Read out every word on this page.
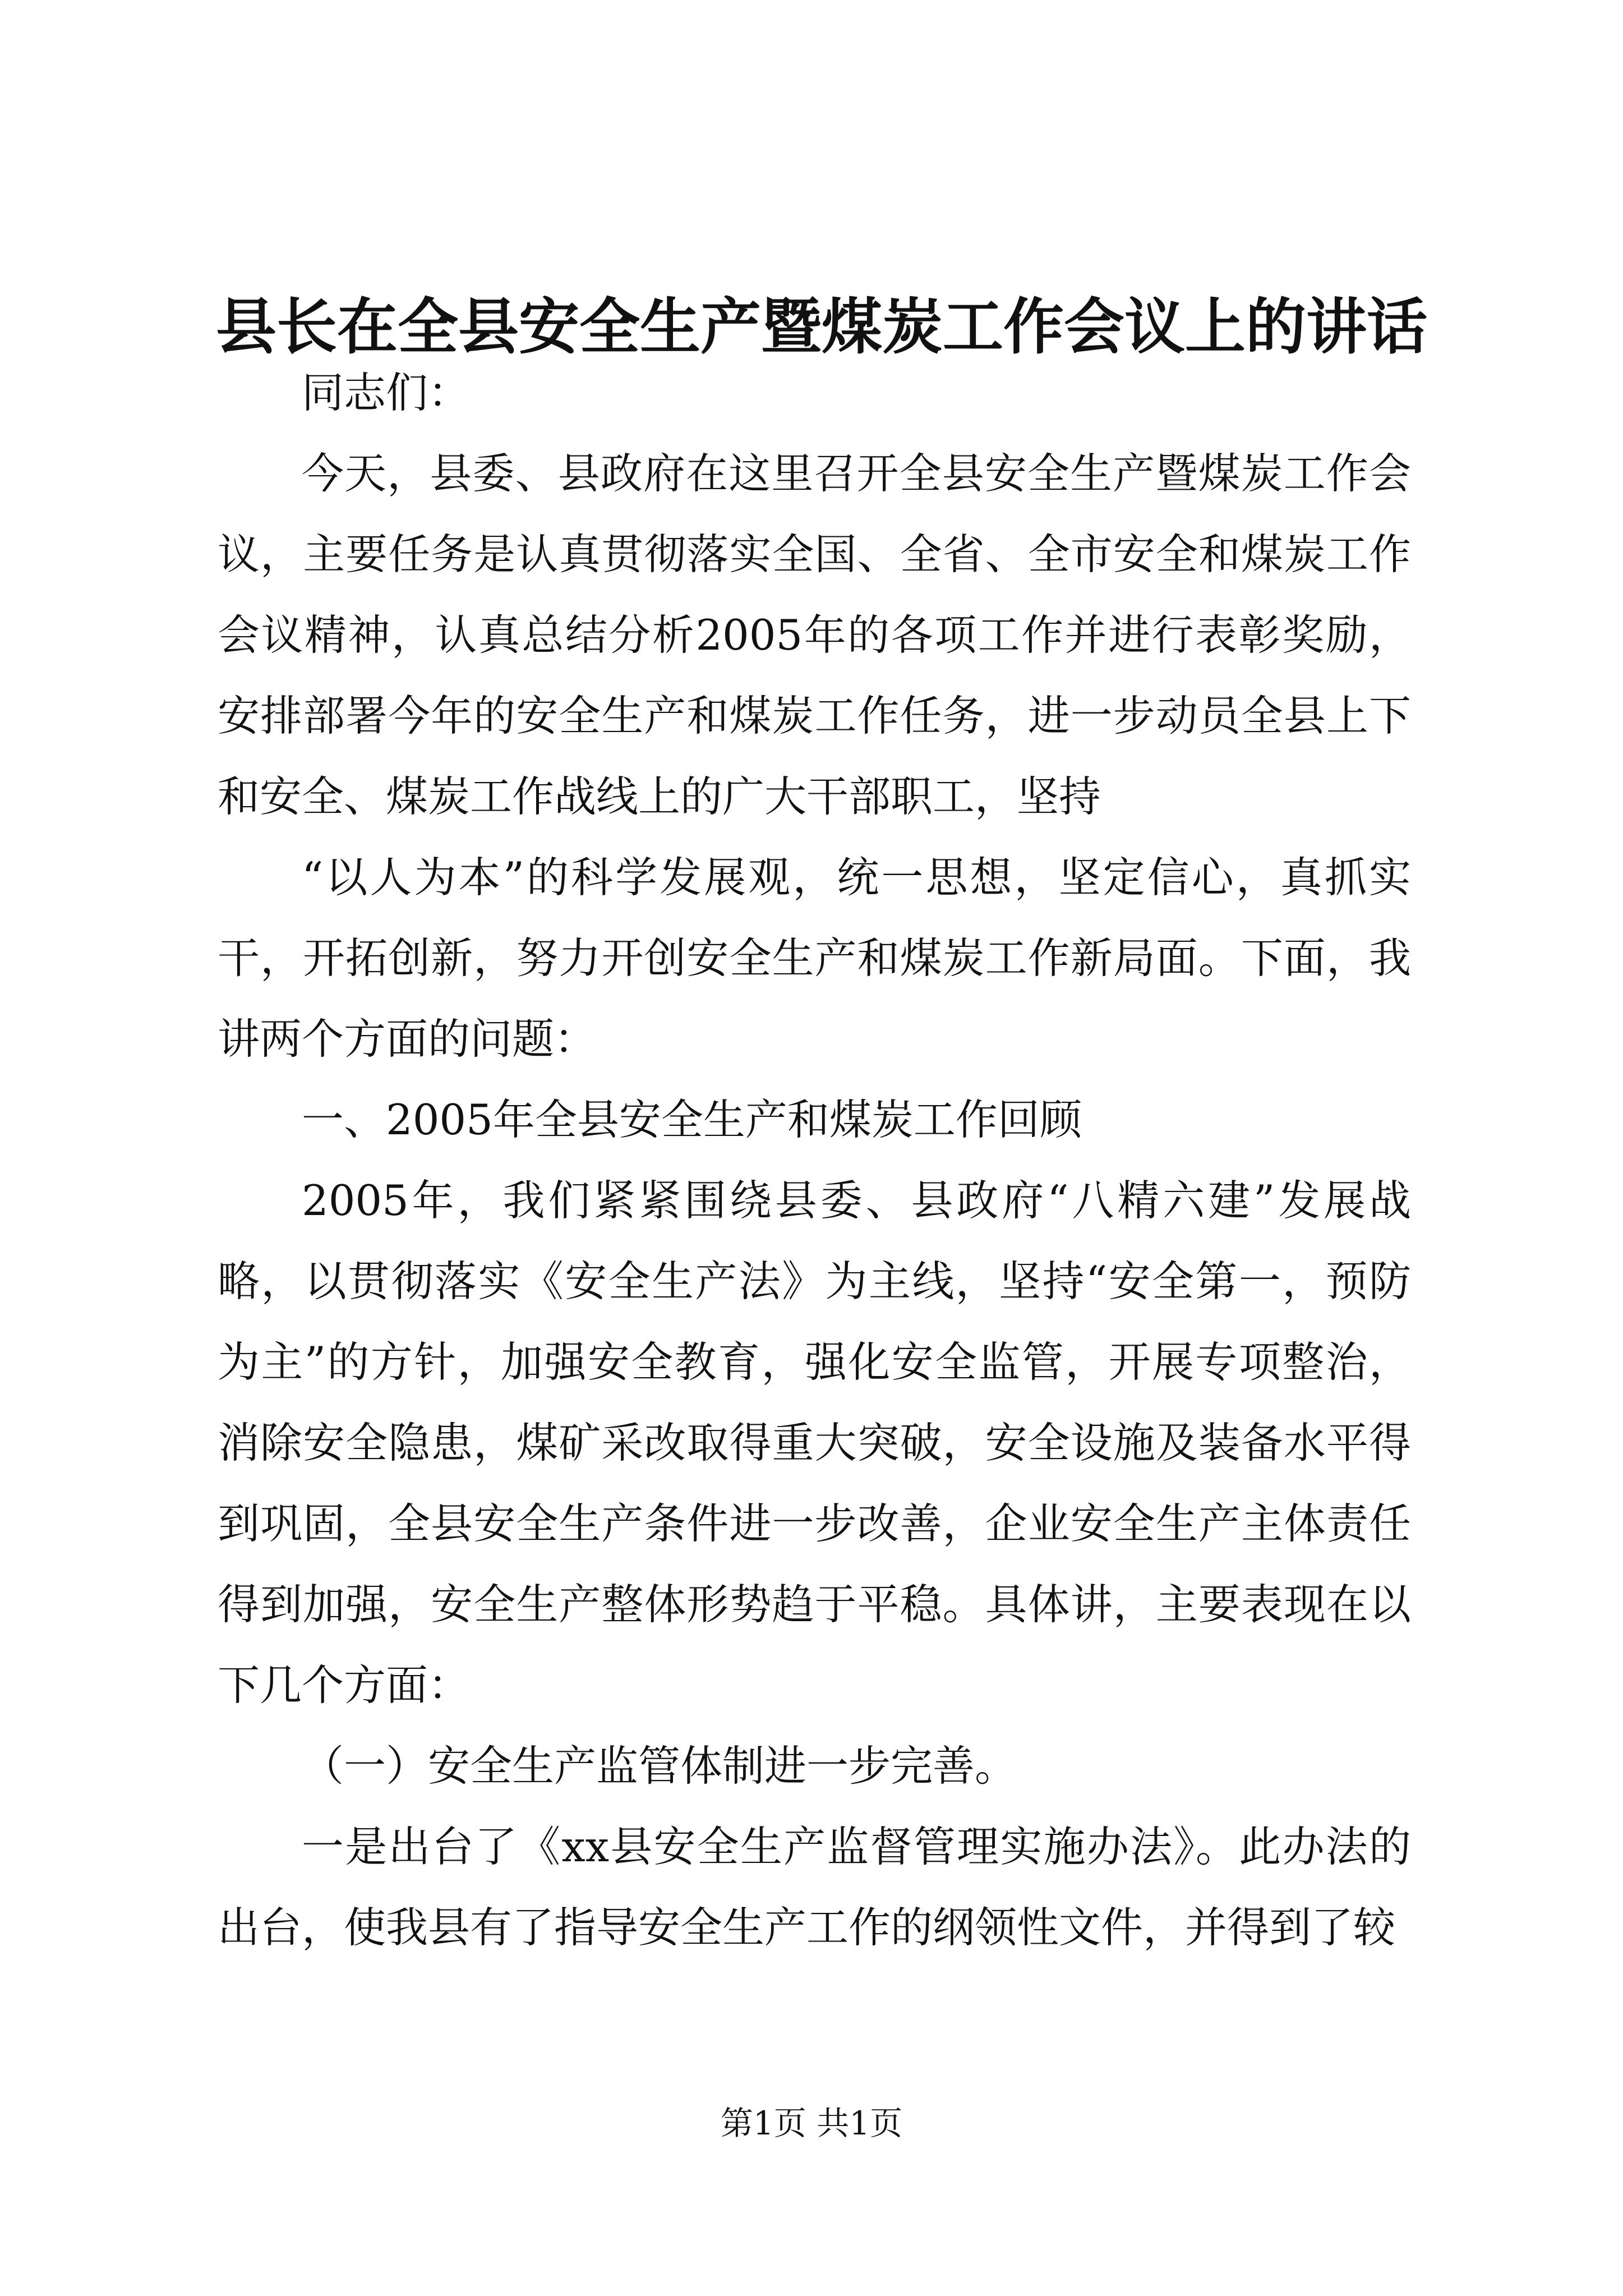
县长在全县安全生产暨煤炭工作会议上的讲话

同志们：

今天，县委、县政府在这里召开全县安全生产暨煤炭工作会议，主要任务是认真贯彻落实全国、全省、全市安全和煤炭工作会议精神，认真总结分析2005年的各项工作并进行表彰奖励，安排部署今年的安全生产和煤炭工作任务，进一步动员全县上下和安全、煤炭工作战线上的广大干部职工，坚持

“以人为本”的科学发展观，统一思想，坚定信心，真抓实干，开拓创新，努力开创安全生产和煤炭工作新局面。下面，我讲两个方面的问题：

一、2005年全县安全生产和煤炭工作回顾

2005年，我们紧紧围绕县委、县政府“八精六建”发展战略，以贯彻落实《安全生产法》为主线，坚持“安全第一，预防为主”的方针，加强安全教育，强化安全监管，开展专项整治，消除安全隐患，煤矿采改取得重大突破，安全设施及装备水平得到巩固，全县安全生产条件进一步改善，企业安全生产主体责任得到加强，安全生产整体形势趋于平稳。具体讲，主要表现在以下几个方面：

（一）安全生产监管体制进一步完善。

一是出台了《xx县安全生产监督管理实施办法》。此办法的出台，使我县有了指导安全生产工作的纲领性文件，并得到了较

第1页 共1页
